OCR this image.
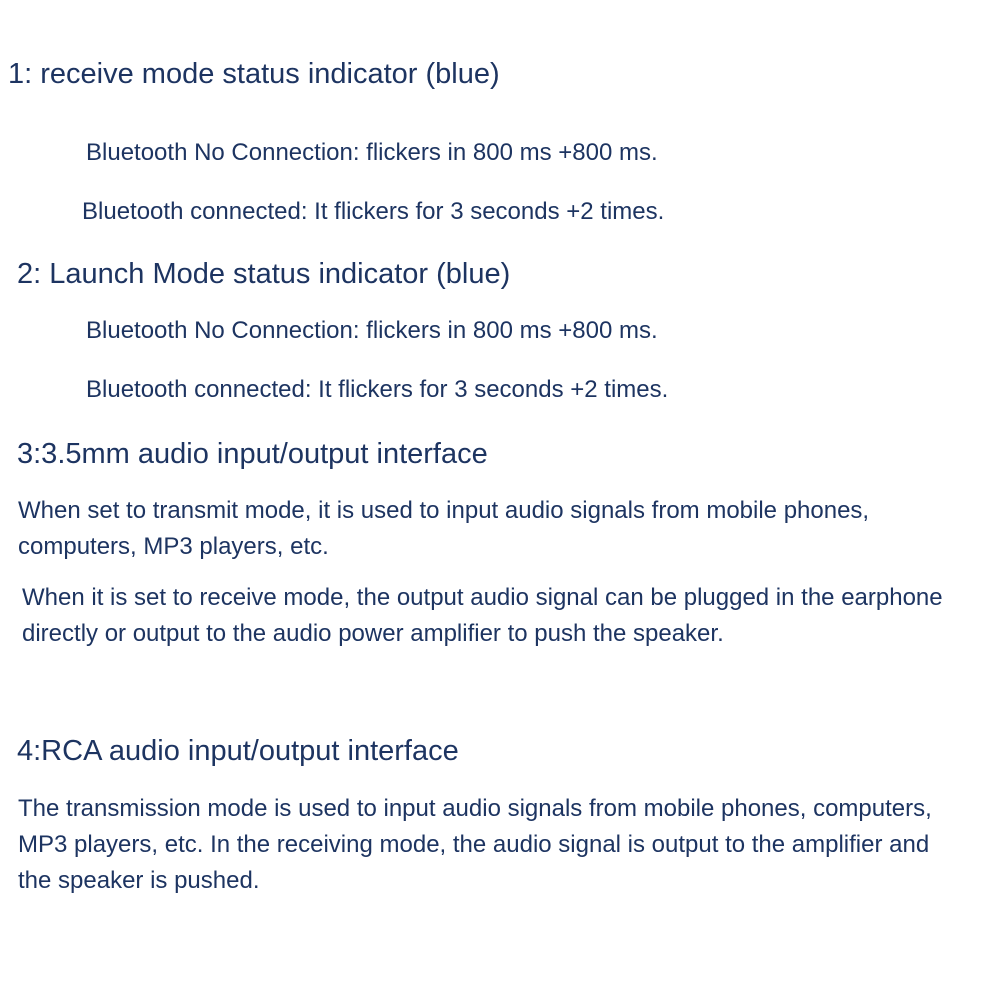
1: receive mode status indicator (blue)

Bluetooth No Connection: flickers in 800 ms +800 ms.

Bluetooth connected: It flickers for 3 seconds +2 times.

2: Launch Mode status indicator (blue)

Bluetooth No Connection: flickers in 800 ms +800 ms.

Bluetooth connected: It flickers for 3 seconds +2 times.

3:3.5mm audio input/output interface

When set to transmit mode, it is used to input audio signals from mobile phones, computers, MP3 players, etc.

When it is set to receive mode, the output audio signal can be plugged in the earphone directly or output to the audio power amplifier to push the speaker.

4:RCA audio input/output interface

The transmission mode is used to input audio signals from mobile phones, computers, MP3 players, etc. In the receiving mode, the audio signal is output to the amplifier and the speaker is pushed.
